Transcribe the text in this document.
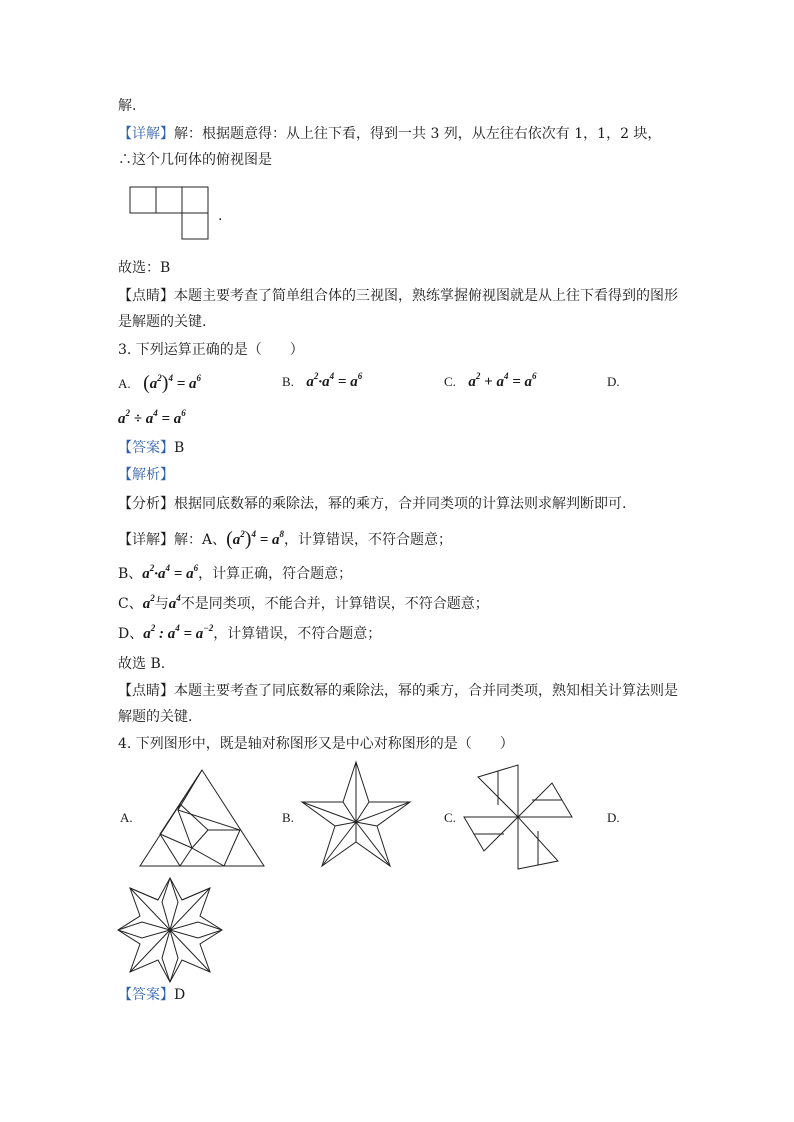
解.
【详解】解：根据题意得：从上往下看，得到一共 3 列，从左往右依次有 1，1，2 块，
∴这个几何体的俯视图是
.
故选：B
【点睛】本题主要考查了简单组合体的三视图，熟练掌握俯视图就是从上往下看得到的图形
是解题的关键.
3. 下列运算正确的是（　　）
A. $(a^2)^4 = a^6$	B. $a^2\cdot a^4 = a^6$	C. $a^2 + a^4 = a^6$	D.
$a^2 \div a^4 = a^6$
【答案】B
【解析】
【分析】根据同底数幂的乘除法，幂的乘方，合并同类项的计算法则求解判断即可.
【详解】解：A、$(a^2)^4 = a^8$，计算错误，不符合题意；
B、$a^2\cdot a^4 = a^6$，计算正确，符合题意；
C、$a^2$与$a^4$不是同类项，不能合并，计算错误，不符合题意；
D、$a^2$ : $a^4 = a^{-2}$，计算错误，不符合题意；
故选 B.
【点睛】本题主要考查了同底数幂的乘除法，幂的乘方，合并同类项，熟知相关计算法则是
解题的关键.
4. 下列图形中，既是轴对称图形又是中心对称图形的是（　　）
A.	B.	C.	D.
【答案】D
